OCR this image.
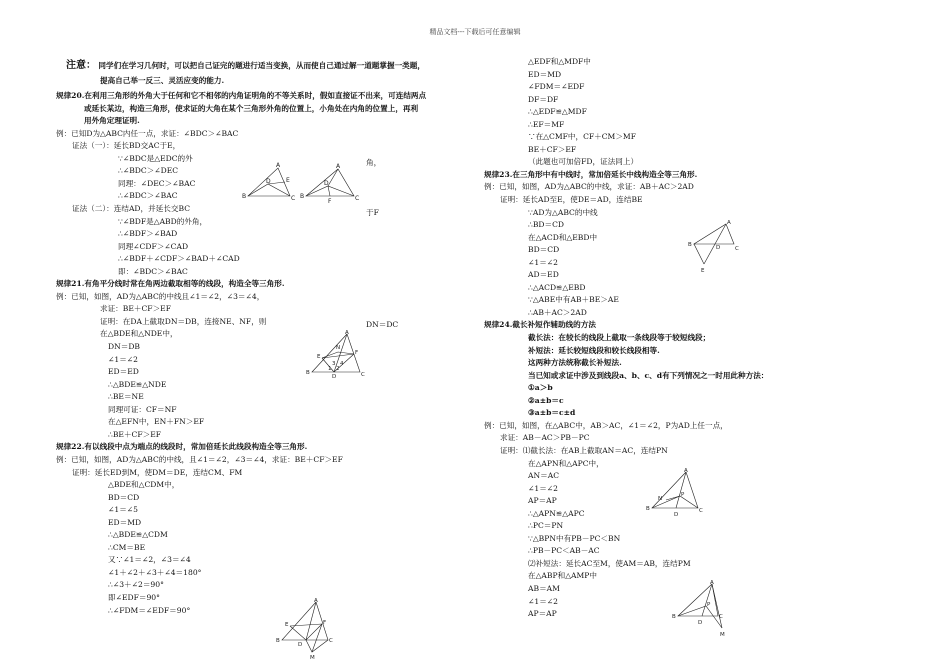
精品文档---下载后可任意编辑

注意： 同学们在学习几何时，可以把自己证完的题进行适当变换，从而使自己通过解一道题掌握一类题，

提高自己举一反三、灵活应变的能力.

规律20.在利用三角形的外角大于任何和它不相邻的内角证明角的不等关系时，假如直接证不出来，可连结两点

或延长某边，构造三角形，使求证的大角在某个三角形外角的位置上，小角处在内角的位置上，再利

用外角定理证明.

例：已知D为△ABC内任一点，求证：∠BDC＞∠BAC

证法（一）：延长BD交AC于E，

∵∠BDC是△EDC的外

∴∠BDC＞∠DEC

同理：∠DEC＞∠BAC

∴∠BDC＞∠BAC

证法（二）：连结AD，并延长交BC

∵∠BDF是△ABD的外角，

∴∠BDF＞∠BAD

同理∠CDF＞∠CAD

∴∠BDF＋∠CDF＞∠BAD＋∠CAD

即：∠BDC＞∠BAC

规律21.有角平分线时常在角两边截取相等的线段，构造全等三角形.

例：已知，如图，AD为△ABC的中线且∠1＝∠2，∠3＝∠4，

求证：BE＋CF＞EF

证明：在DA上截取DN＝DB，连接NE、NF，则

在△BDE和△NDE中，

DN＝DB

∠1＝∠2

ED＝ED

∴△BDE≌△NDE

∴BE＝NE

同理可证：CF＝NF

在△EFN中，EN＋FN＞EF

∴BE＋CF＞EF

规律22.有以线段中点为端点的线段时，常加倍延长此线段构造全等三角形.

例：已知，如图，AD为△ABC的中线，且∠1＝∠2，∠3＝∠4，求证：BE＋CF＞EF

证明：延长ED到M，使DM＝DE，连结CM、FM

△BDE和△CDM中，

BD＝CD

∠1＝∠5

ED＝MD

∴△BDE≌△CDM

∴CM＝BE

又∵∠1＝∠2，∠3＝∠4

∠1＋∠2＋∠3＋∠4＝180°

∴∠3＋∠2＝90°

即∠EDF＝90°

∴∠FDM＝∠EDF＝90°

△EDF和△MDF中

ED＝MD

∠FDM＝∠EDF

DF＝DF

∴△EDF≌△MDF

∴EF＝MF

∵在△CMF中，CF＋CM＞MF

BE＋CF＞EF

（此题也可加倍FD，证法同上）

规律23.在三角形中有中线时，常加倍延长中线构造全等三角形.

例：已知，如图，AD为△ABC的中线，求证：AB＋AC＞2AD

证明：延长AD至E，使DE＝AD，连结BE

∵AD为△ABC的中线

∴BD＝CD

在△ACD和△EBD中

BD＝CD

∠1＝∠2

AD＝ED

∴△ACD≌△EBD

∵△ABE中有AB＋BE＞AE

∴AB＋AC＞2AD

规律24.截长补短作辅助线的方法

截长法：在较长的线段上截取一条线段等于较短线段；

补短法：延长较短线段和较长线段相等.

这两种方法统称截长补短法.

当已知或求证中涉及到线段a、b、c、d有下列情况之一时用此种方法：

①a＞b

②a±b＝c

③a±b＝c±d

例：已知，如图，在△ABC中，AB＞AC，∠1＝∠2，P为AD上任一点，

求证：AB－AC＞PB－PC

证明：⑴截长法：在AB上截取AN＝AC，连结PN

在△APN和△APC中，

AN＝AC

∠1＝∠2

AP＝AP

∴△APN≌△APC

∴PC＝PN

∵△BPN中有PB－PC＜BN

∴PB－PC＜AB－AC

⑵补短法：延长AC至M，使AM＝AB，连结PM

在△ABP和△AMP中

AB＝AM

∠1＝∠2

AP＝AP

角，
于F
DN＝DC
A
B	C
D	E
A
B	C
D
F
A
B	C
D
E
F
N
1 2
3 4
A
B	C
D
E	F
M
A
B
C
D
E
A
B	C
D
N
P
A
B	C
D
P
M
